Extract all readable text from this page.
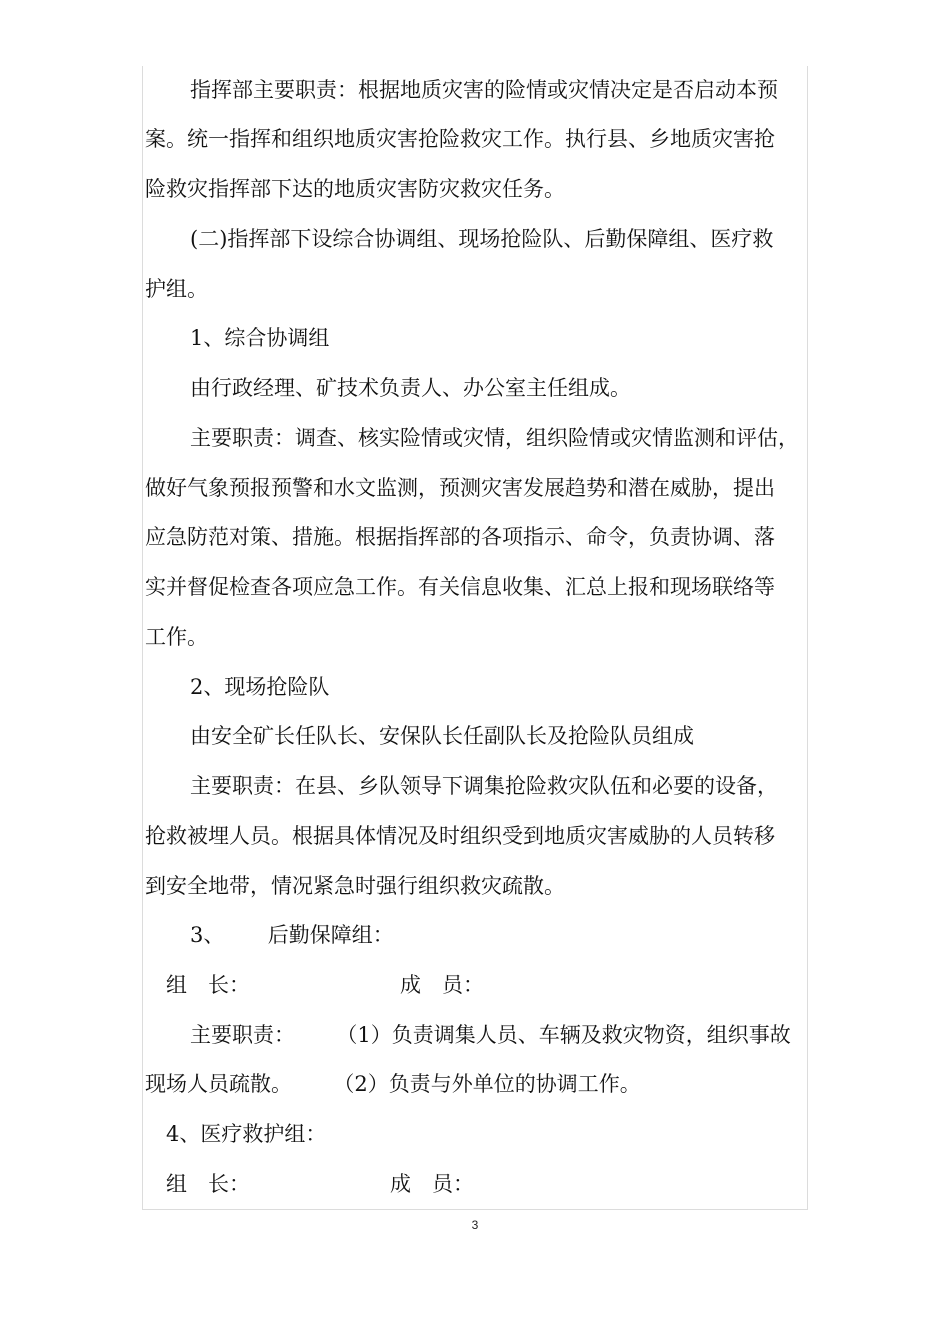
指挥部主要职责：根据地质灾害的险情或灾情决定是否启动本预
案。统一指挥和组织地质灾害抢险救灾工作。执行县、乡地质灾害抢
险救灾指挥部下达的地质灾害防灾救灾任务。
(二)指挥部下设综合协调组、现场抢险队、后勤保障组、医疗救
护组。
1、综合协调组
由行政经理、矿技术负责人、办公室主任组成。
主要职责：调查、核实险情或灾情，组织险情或灾情监测和评估，
做好气象预报预警和水文监测，预测灾害发展趋势和潜在威胁，提出
应急防范对策、措施。根据指挥部的各项指示、命令，负责协调、落
实并督促检查各项应急工作。有关信息收集、汇总上报和现场联络等
工作。
2、现场抢险队
由安全矿长任队长、安保队长任副队长及抢险队员组成
主要职责：在县、乡队领导下调集抢险救灾队伍和必要的设备，
抢救被埋人员。根据具体情况及时组织受到地质灾害威胁的人员转移
到安全地带，情况紧急时强行组织救灾疏散。
3、 后勤保障组：
组　长：	成　员：
主要职责： （1）负责调集人员、车辆及救灾物资，组织事故
现场人员疏散。 （2）负责与外单位的协调工作。
4、医疗救护组：
组　长：	成　员：
3
